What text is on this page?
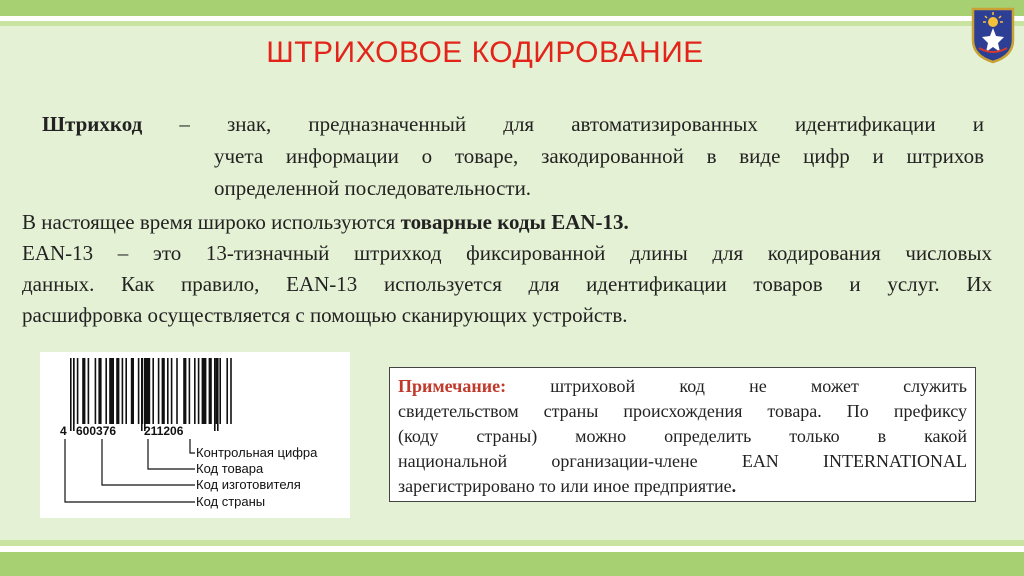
ШТРИХОВОЕ КОДИРОВАНИЕ
Штрихкод – знак, предназначенный для автоматизированных идентификации и
учета информации о товаре, закодированной в виде цифр и штрихов
определенной последовательности.
В настоящее время широко используются товарные коды EAN-13.
EAN-13 – это 13-тизначный штрихкод фиксированной длины для кодирования числовых
данных. Как правило, EAN-13 используется для идентификации товаров и услуг. Их
расшифровка осуществляется с помощью сканирующих устройств.
4 600376 211206
Контрольная цифра
Код товара
Код изготовителя
Код страны
Примечание: штриховой код не может служить
свидетельством страны происхождения товара. По префиксу
(коду страны) можно определить только в какой
национальной организации-члене EAN INTERNATIONAL
зарегистрировано то или иное предприятие.
